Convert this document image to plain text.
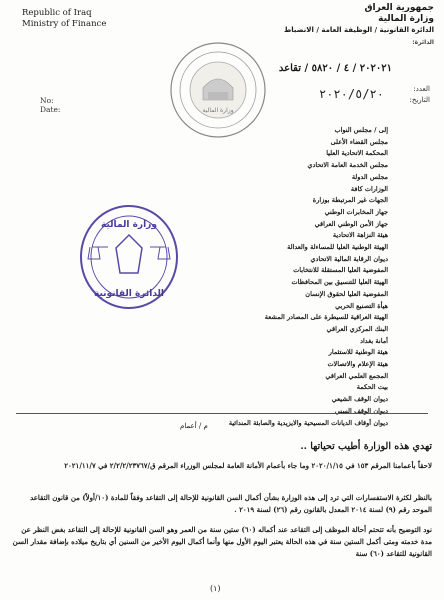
Republic of Iraq
Ministry of Finance
جمهورية العراق
وزارة المالية
الدائرة القانونية / الوظيفة العامة / الانضباط
الدائرة:
٢٠٢٠٢١ / ٤ / ٥٨٢٠ / تقاعد
No:
Date:
العدد:
التاريخ:
٢٠٢٠/٥/٢٠
وزارة المالية
وزارة المالية
الدائرة القانونية
إلى / مجلس النواب
مجلس القضاء الأعلى
المحكمة الاتحادية العليا
مجلس الخدمة العامة الاتحادي
مجلس الدولة
الوزارات كافة
الجهات غير المرتبطة بوزارة
جهاز المخابرات الوطني
جهاز الأمن الوطني العراقي
هيئة النزاهة الاتحادية
الهيئة الوطنية العليا للمساءلة والعدالة
ديوان الرقابة المالية الاتحادي
المفوضية العليا المستقلة للانتخابات
الهيئة العليا للتنسيق بين المحافظات
المفوضية العليا لحقوق الإنسان
هيأة التصنيع الحربي
الهيئة العراقية للسيطرة على المصادر المشعة
البنك المركزي العراقي
أمانة بغداد
هيئة الوطنية للاستثمار
هيئة الإعلام والاتصالات
المجمع العلمي العراقي
بيت الحكمة
ديوان الوقف الشيعي
ديوان الوقف السني
ديوان أوقاف الديانات المسيحية والايزيدية والصابئة المندائية
م / أعمام
تهدي هذه الوزارة أطيب تحياتها ..
لاحقاً بأعمامنا المرقم ١٥٣ في ٢٠٢٠/١/١٥ وما جاء بأعمام الأمانة العامة لمجلس الوزراء المرقم ق/٢/٢/٢/٢٣٧٦٧ في ٢٠٢١/١١/٧
بالنظر لكثرة الاستفسارات التي ترد إلى هذه الوزارة بشأن أكمال السن القانونية للإحالة إلى التقاعد وفقاً للمادة (١٠/أولاً) من قانون التقاعد الموحد رقم (٩) لسنة ٢٠١٤ المعدل بالقانون رقم (٢٦) لسنة ٢٠١٩ .
نود التوضيح بأنه تتحتم أحالة الموظف إلى التقاعد عند أكماله (٦٠) ستين سنة من العمر وهو السن القانونية للإحالة إلى التقاعد بغض النظر عن مدة خدمته ومتى أكمل الستين سنة في هذه الحالة يعتبر اليوم الأول منها وأنما أكمال اليوم الأخير من السنين أي بتاريخ ميلاده بإضافة مقدار السن القانونية للتقاعد (٦٠) سنة
(١)
